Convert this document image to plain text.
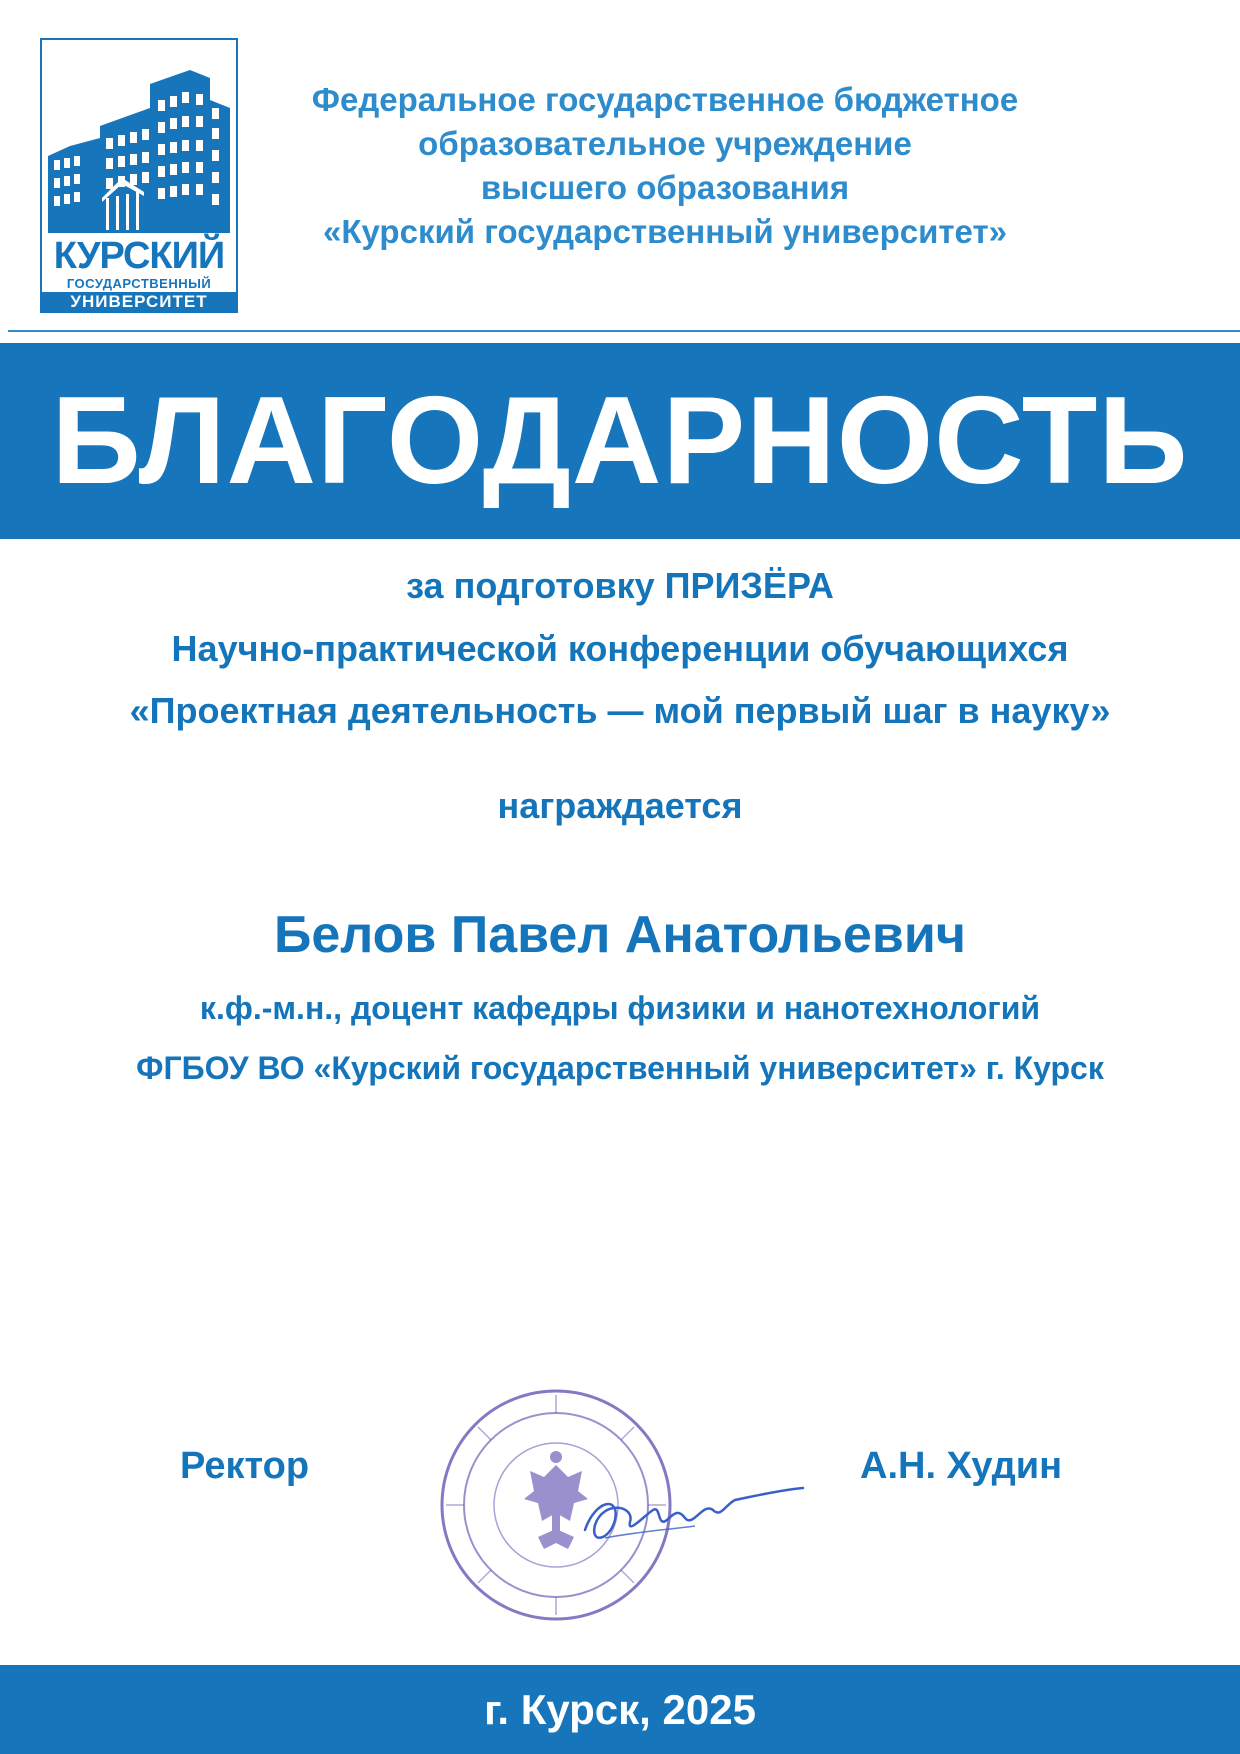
КУРСКИЙ
ГОСУДАРСТВЕННЫЙ
УНИВЕРСИТЕТ
Федеральное государственное бюджетное
образовательное учреждение
высшего образования
«Курский государственный университет»
БЛАГОДАРНОСТЬ
за подготовку ПРИЗЁРА
Научно-практической конференции обучающихся
«Проектная деятельность — мой первый шаг в науку»
награждается
Белов Павел Анатольевич
к.ф.-м.н., доцент кафедры физики и нанотехнологий
ФГБОУ ВО «Курский государственный университет» г. Курск
Ректор	А.Н. Худин
г. Курск, 2025
